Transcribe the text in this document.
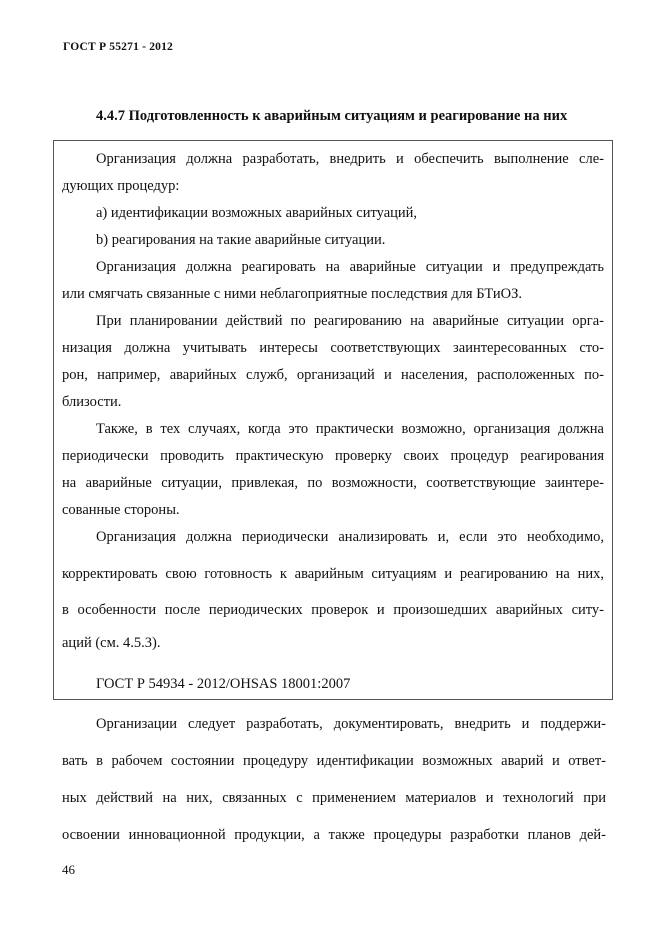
ГОСТ Р 55271 - 2012
4.4.7 Подготовленность к аварийным ситуациям и реагирование на них
Организация должна разработать, внедрить и обеспечить выполнение сле-
дующих процедур:
а) идентификации возможных аварийных ситуаций,
b) реагирования на такие аварийные ситуации.
Организация должна реагировать на аварийные ситуации и предупреждать
или смягчать связанные с ними неблагоприятные последствия для БТиОЗ.
При планировании действий по реагированию на аварийные ситуации орга-
низация должна учитывать интересы соответствующих заинтересованных сто-
рон, например, аварийных служб, организаций и населения, расположенных по-
близости.
Также, в тех случаях, когда это практически возможно, организация должна
периодически проводить практическую проверку своих процедур реагирования
на аварийные ситуации, привлекая, по возможности, соответствующие заинтере-
сованные стороны.
Организация должна периодически анализировать и, если это необходимо,
корректировать свою готовность к аварийным ситуациям и реагированию на них,
в особенности после периодических проверок и произошедших аварийных ситу-
аций (см. 4.5.3).
ГОСТ Р 54934 - 2012/OHSAS 18001:2007
Организации следует разработать, документировать, внедрить и поддержи-
вать в рабочем состоянии процедуру идентификации возможных аварий и ответ-
ных действий на них, связанных с применением материалов и технологий при
освоении инновационной продукции, а также процедуры разработки планов дей-
46
